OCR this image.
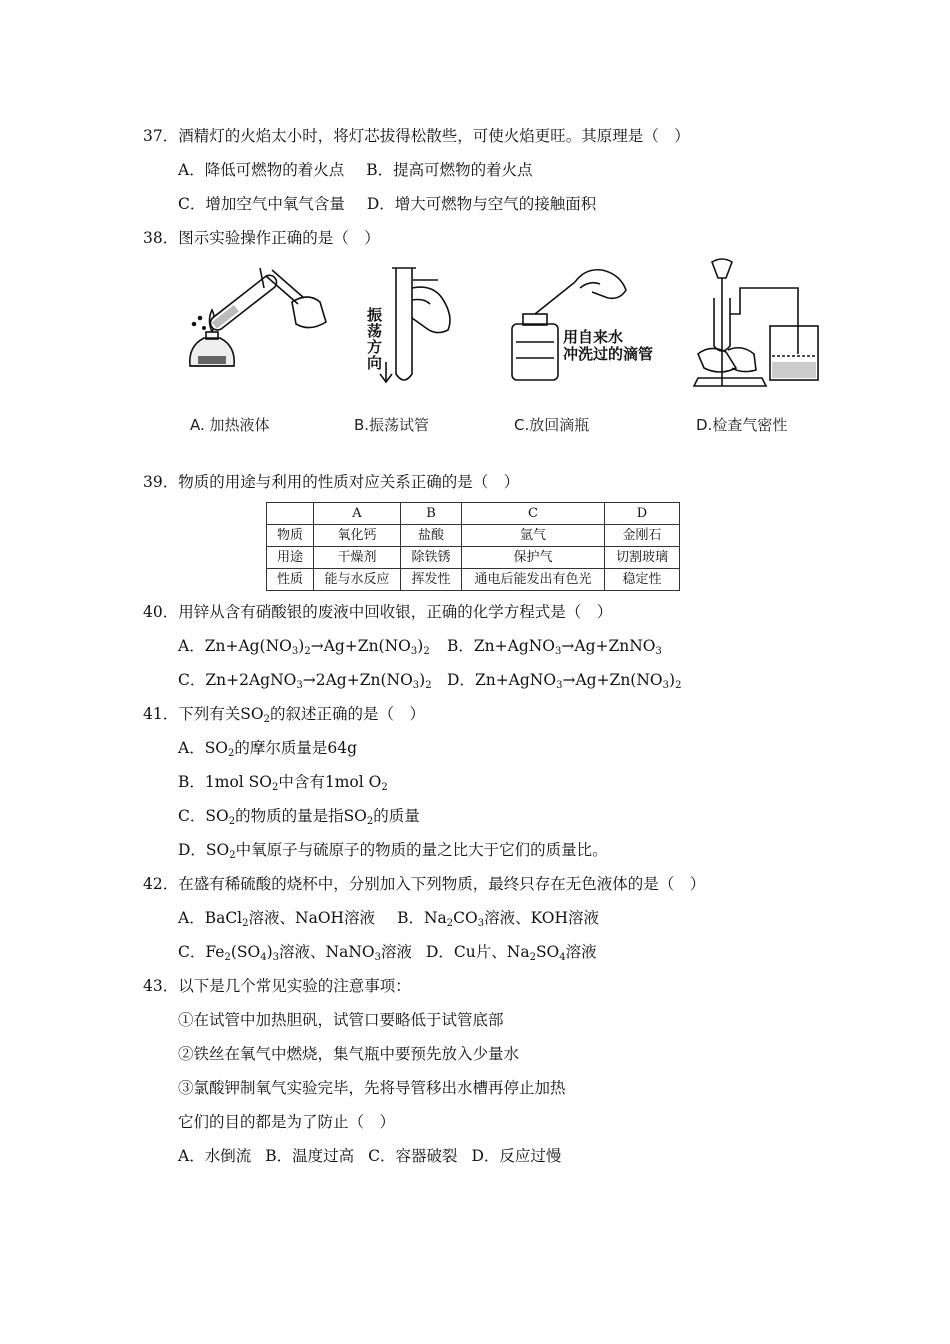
37．酒精灯的火焰太小时，将灯芯拔得松散些，可使火焰更旺。其原理是（　）
A．降低可燃物的着火点 B．提高可燃物的着火点
C．增加空气中氧气含量 D．增大可燃物与空气的接触面积
38．图示实验操作正确的是（　）
振
荡
方
向
用自来水
冲洗过的滴管
A. 加热液体	B.振荡试管	C.放回滴瓶	D.检查气密性
39．物质的用途与利用的性质对应关系正确的是（　）
	A	B	C	D
物质	氧化钙	盐酸	氩气	金刚石
用途	干燥剂	除铁锈	保护气	切割玻璃
性质	能与水反应	挥发性	通电后能发出有色光	稳定性
40．用锌从含有硝酸银的废液中回收银，正确的化学方程式是（　）
A．$Zn+Ag(NO_3)_2\to Ag+Zn(NO_3)_2$ B．Zn+AgNO$_3$→Ag+ZnNO$_3$
C．$Zn+2AgNO_3\to 2Ag+Zn(NO_3)_2$ D．$Zn+AgNO_3\to Ag+Zn(NO_3)_2$
41．下列有关$SO_2$的叙述正确的是（　）
A．$SO_2$的摩尔质量是64g
B．1mol $SO_2$中含有1mol $O_2$
C．$SO_2$的物质的量是指$SO_2$的质量
D．$SO_2$中氧原子与硫原子的物质的量之比大于它们的质量比。
42．在盛有稀硫酸的烧杯中，分别加入下列物质，最终只存在无色液体的是（　）
A．BaCl$_2$溶液、NaOH溶液 B．$Na_2CO_3$溶液、KOH溶液
C．$Fe_2(SO_4)_3$溶液、NaNO$_3$溶液 D．Cu片、$Na_2SO_4$溶液
43．以下是几个常见实验的注意事项：
①在试管中加热胆矾，试管口要略低于试管底部
②铁丝在氧气中燃烧，集气瓶中要预先放入少量水
③氯酸钾制氧气实验完毕，先将导管移出水槽再停止加热
它们的目的都是为了防止（　）
A．水倒流 B．温度过高 C．容器破裂 D．反应过慢
